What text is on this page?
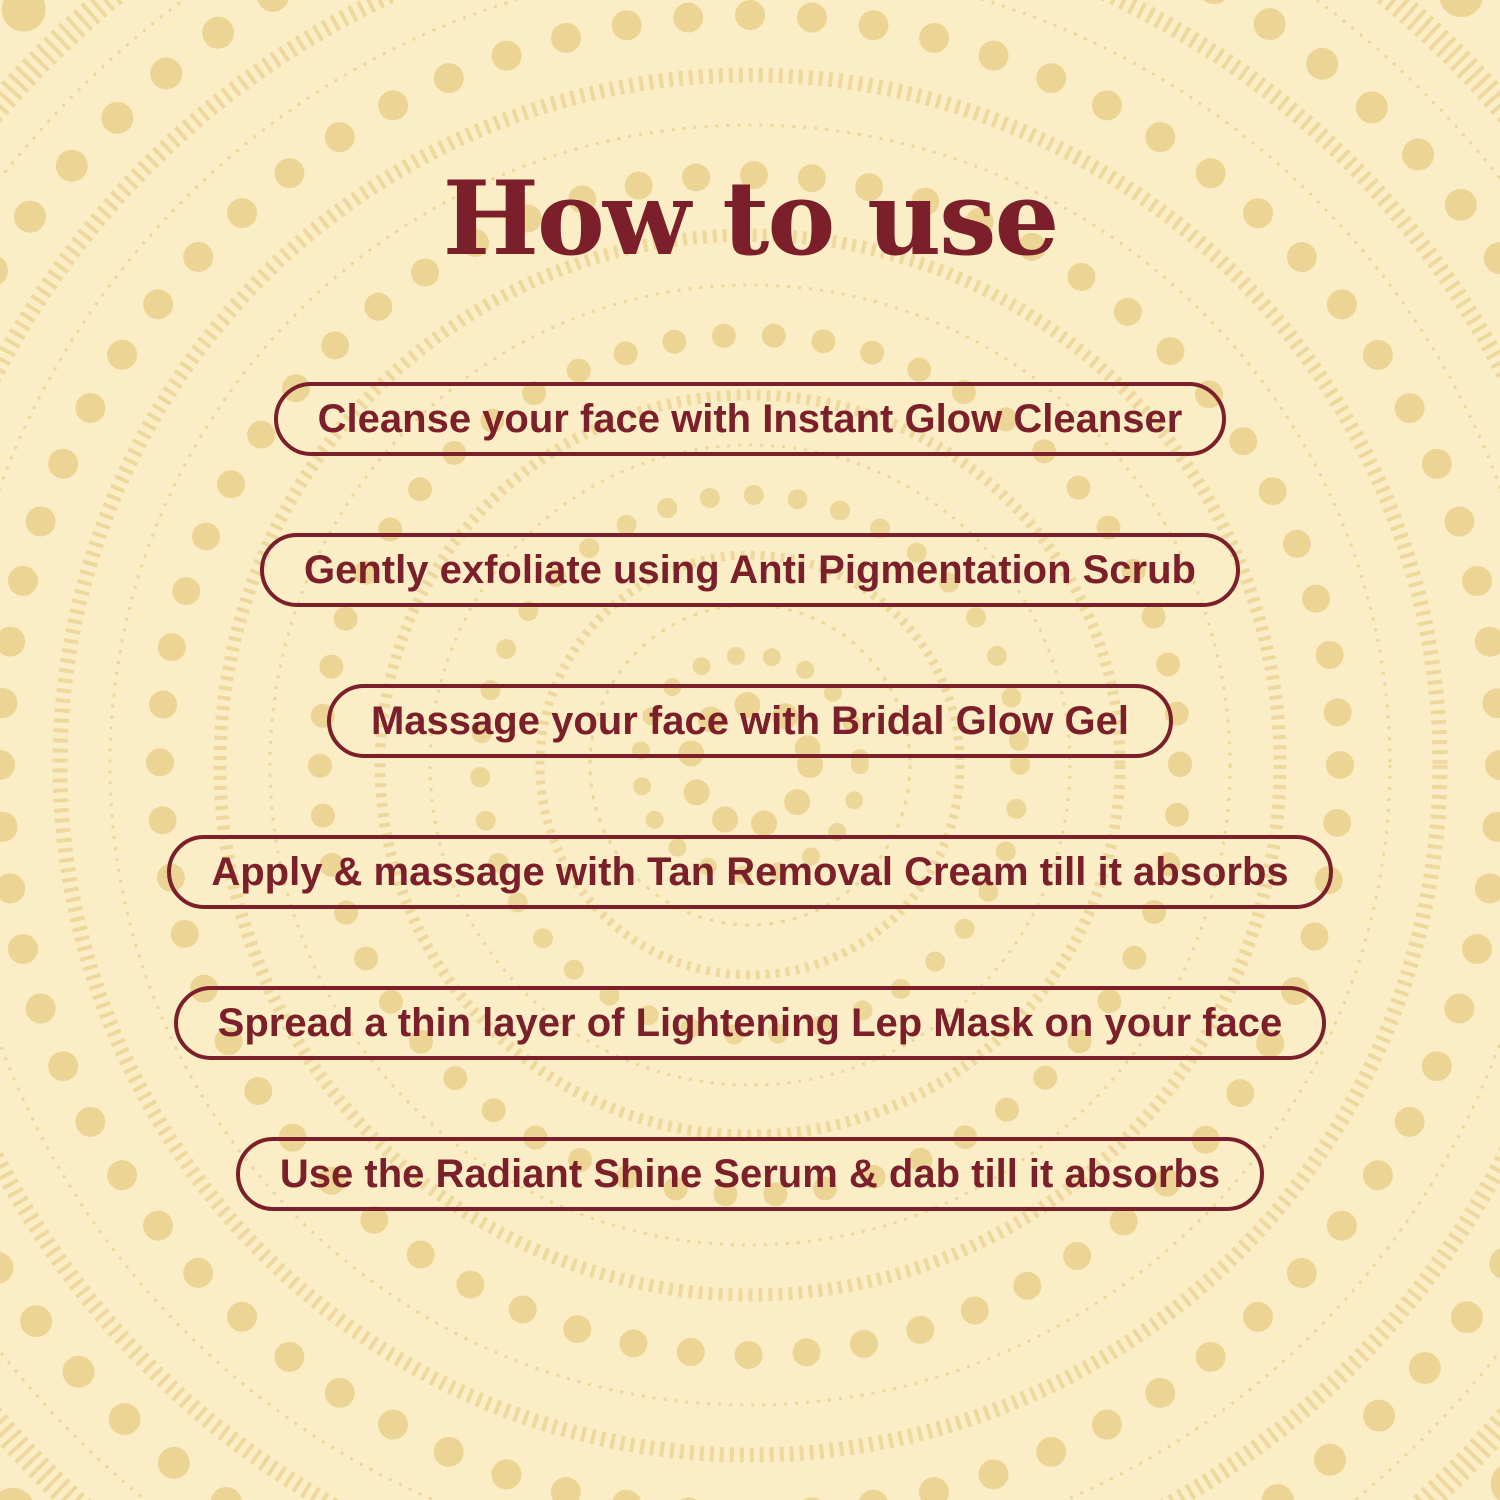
How to use
Cleanse your face with Instant Glow Cleanser
Gently exfoliate using Anti Pigmentation Scrub
Massage your face with Bridal Glow Gel
Apply & massage with Tan Removal Cream till it absorbs
Spread a thin layer of Lightening Lep Mask on your face
Use the Radiant Shine Serum & dab till it absorbs
